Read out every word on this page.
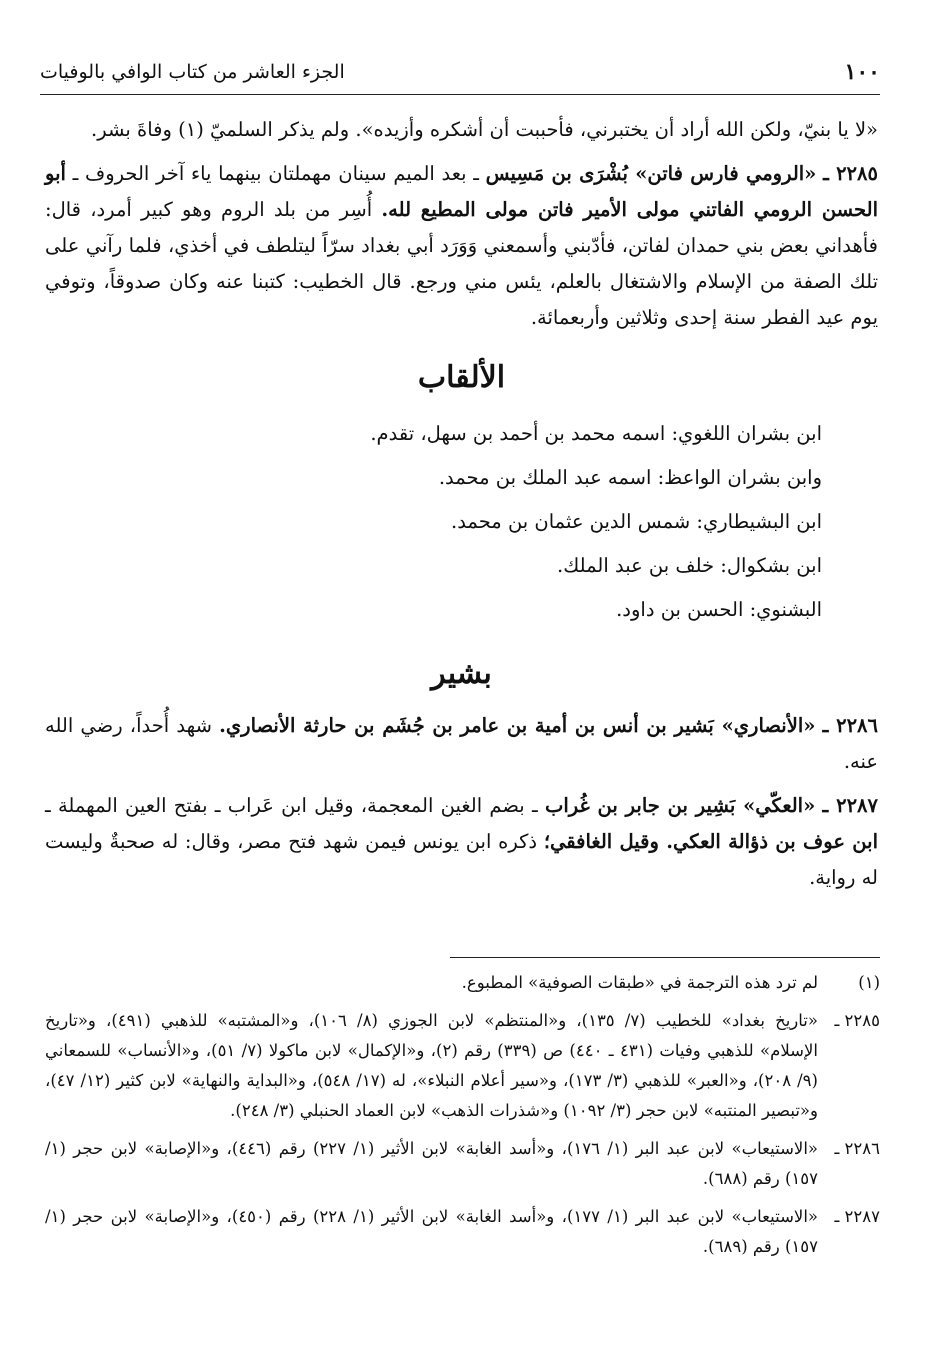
١٠٠
الجزء العاشر من كتاب الوافي بالوفيات

«لا يا بنيّ، ولكن الله أراد أن يختبرني، فأحببت أن أشكره وأزيده». ولم يذكر السلميّ (١) وفاةَ بشر.

٢٢٨٥ ـ «الرومي فارس فاتن» بُشْرَى بن مَسِيس ـ بعد الميم سينان مهملتان بينهما ياء آخر الحروف ـ أبو الحسن الرومي الفاتني مولى الأمير فاتن مولى المطيع لله. أُسِر من بلد الروم وهو كبير أمرد، قال: فأهداني بعض بني حمدان لفاتن، فأدّبني وأسمعني وَوَرَد أبي بغداد سرّاً ليتلطف في أخذي، فلما رآني على تلك الصفة من الإسلام والاشتغال بالعلم، يئس مني ورجع. قال الخطيب: كتبنا عنه وكان صدوقاً، وتوفي يوم عيد الفطر سنة إحدى وثلاثين وأربعمائة.

الألقاب
ابن بشران اللغوي: اسمه محمد بن أحمد بن سهل، تقدم.
وابن بشران الواعظ: اسمه عبد الملك بن محمد.
ابن البشيطاري: شمس الدين عثمان بن محمد.
ابن بشكوال: خلف بن عبد الملك.
البشنوي: الحسن بن داود.
بشير

٢٢٨٦ ـ «الأنصاري» بَشير بن أنس بن أمية بن عامر بن جُشَم بن حارثة الأنصاري. شهد أُحداً، رضي الله عنه.

٢٢٨٧ ـ «العكّي» بَشِير بن جابر بن غُراب ـ بضم الغين المعجمة، وقيل ابن عَراب ـ بفتح العين المهملة ـ ابن عوف بن ذؤالة العكي. وقيل الغافقي؛ ذكره ابن يونس فيمن شهد فتح مصر، وقال: له صحبةٌ وليست له رواية.

(١)
لم ترد هذه الترجمة في «طبقات الصوفية» المطبوع.
٢٢٨٥ ـ
«تاريخ بغداد» للخطيب (٧/ ١٣٥)، و«المنتظم» لابن الجوزي (٨/ ١٠٦)، و«المشتبه» للذهبي (٤٩١)، و«تاريخ الإسلام» للذهبي وفيات (٤٣١ ـ ٤٤٠) ص (٣٣٩) رقم (٢)، و«الإكمال» لابن ماكولا (٧/ ٥١)، و«الأنساب» للسمعاني (٩/ ٢٠٨)، و«العبر» للذهبي (٣/ ١٧٣)، و«سير أعلام النبلاء»، له (١٧/ ٥٤٨)، و«البداية والنهاية» لابن كثير (١٢/ ٤٧)، و«تبصير المنتبه» لابن حجر (٣/ ١٠٩٢) و«شذرات الذهب» لابن العماد الحنبلي (٣/ ٢٤٨).
٢٢٨٦ ـ
«الاستيعاب» لابن عبد البر (١/ ١٧٦)، و«أسد الغابة» لابن الأثير (١/ ٢٢٧) رقم (٤٤٦)، و«الإصابة» لابن حجر (١/ ١٥٧) رقم (٦٨٨).
٢٢٨٧ ـ
«الاستيعاب» لابن عبد البر (١/ ١٧٧)، و«أسد الغابة» لابن الأثير (١/ ٢٢٨) رقم (٤٥٠)، و«الإصابة» لابن حجر (١/ ١٥٧) رقم (٦٨٩).
